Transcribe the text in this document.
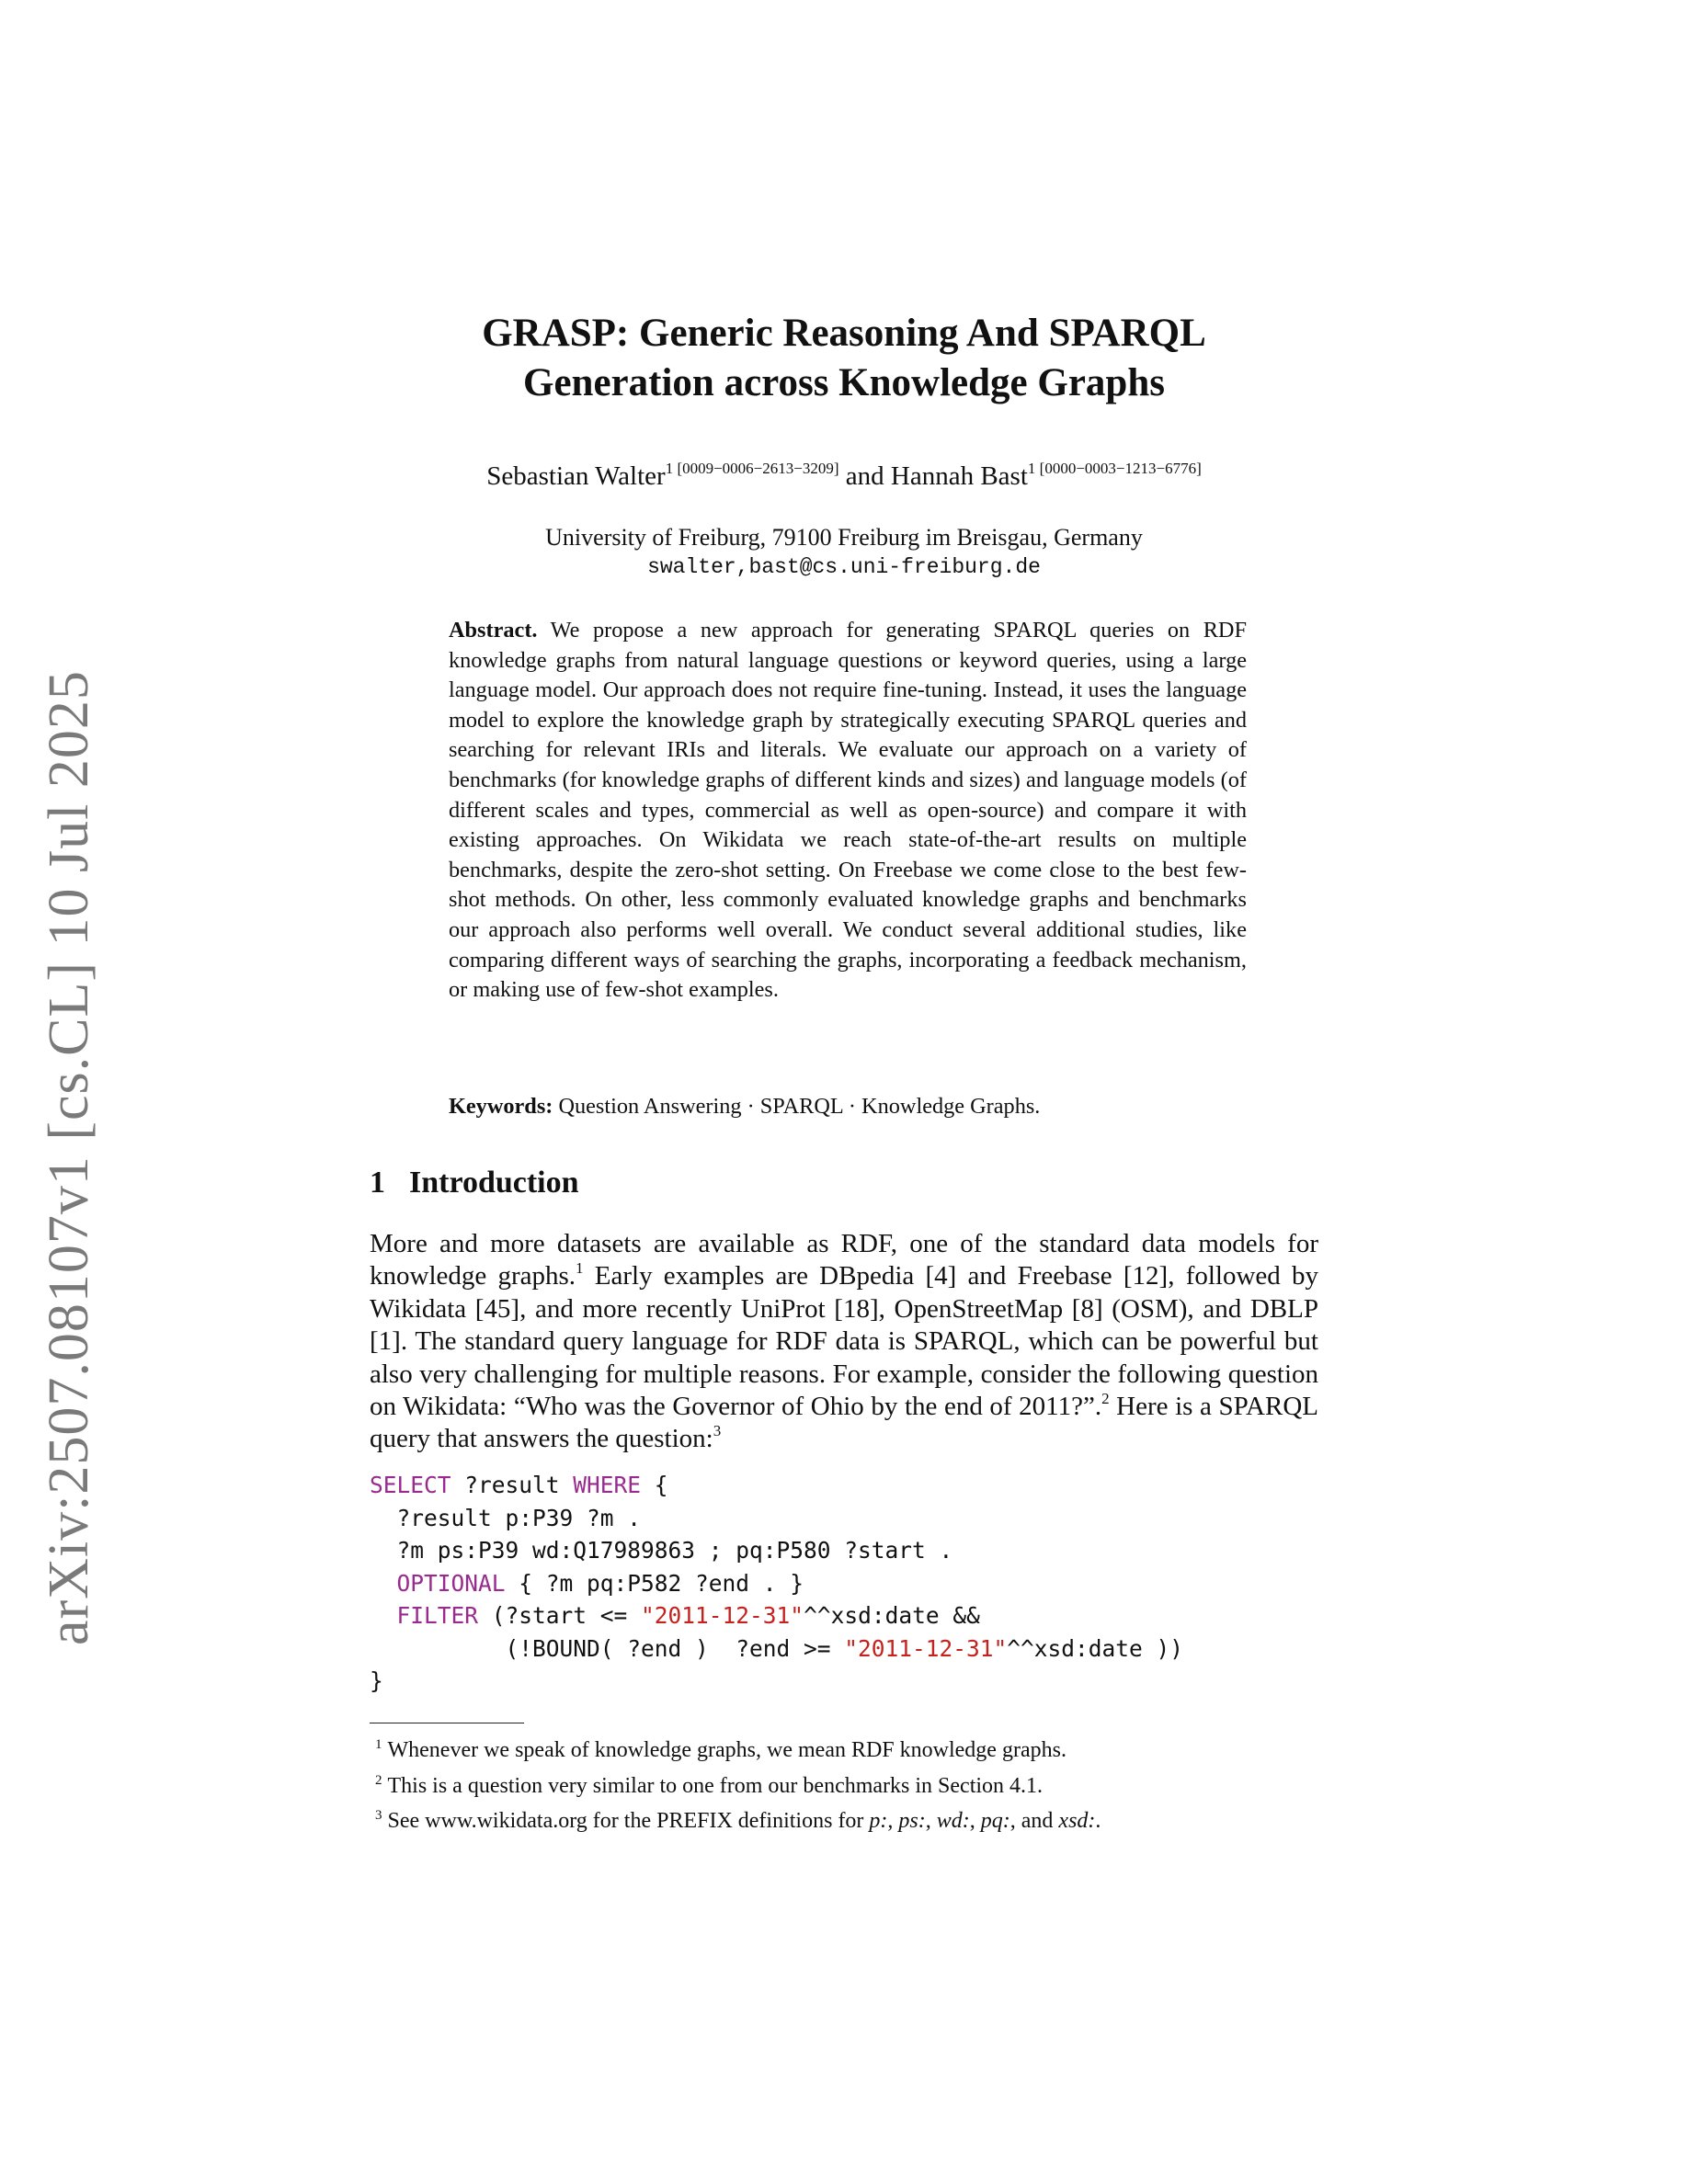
arXiv:2507.08107v1 [cs.CL] 10 Jul 2025
GRASP: Generic Reasoning And SPARQL
Generation across Knowledge Graphs
Sebastian Walter$^{1 [0009-0006-2613-3209]}$ and Hannah Bast$^{1 [0000-0003-1213-6776]}$
University of Freiburg, 79100 Freiburg im Breisgau, Germany
swalter,bast@cs.uni-freiburg.de
Abstract. We propose a new approach for generating SPARQL queries on RDF knowledge graphs from natural language questions or keyword queries, using a large language model. Our approach does not require fine-tuning. Instead, it uses the language model to explore the knowledge graph by strategically executing SPARQL queries and searching for relevant IRIs and literals. We evaluate our approach on a variety of benchmarks (for knowledge graphs of different kinds and sizes) and language models (of different scales and types, commercial as well as open-source) and compare it with existing approaches. On Wikidata we reach state-of-the-art results on multiple benchmarks, despite the zero-shot setting. On Freebase we come close to the best few-shot methods. On other, less commonly evaluated knowledge graphs and benchmarks our approach also performs well overall. We conduct several additional studies, like comparing different ways of searching the graphs, incorporating a feedback mechanism, or making use of few-shot examples.
Keywords: Question Answering · SPARQL · Knowledge Graphs.
1 Introduction
More and more datasets are available as RDF, one of the standard data models for knowledge graphs.$^1$ Early examples are DBpedia [4] and Freebase [12], followed by Wikidata [45], and more recently UniProt [18], OpenStreetMap [8] (OSM), and DBLP [1]. The standard query language for RDF data is SPARQL, which can be powerful but also very challenging for multiple reasons. For example, consider the following question on Wikidata: “Who was the Governor of Ohio by the end of 2011?”.$^2$ Here is a SPARQL query that answers the question:$^3$
SELECT ?result WHERE {
?result p:P39 ?m .
?m ps:P39 wd:Q17989863 ; pq:P580 ?start .
OPTIONAL { ?m pq:P582 ?end . }
FILTER (?start <= "2011-12-31"^^xsd:date &&
(!BOUND( ?end )  ?end >= "2011-12-31"^^xsd:date ))
}
$^1$ Whenever we speak of knowledge graphs, we mean RDF knowledge graphs.
$^2$ This is a question very similar to one from our benchmarks in Section 4.1.
$^3$ See www.wikidata.org for the PREFIX definitions for p:, ps:, wd:, pq:, and xsd:.
